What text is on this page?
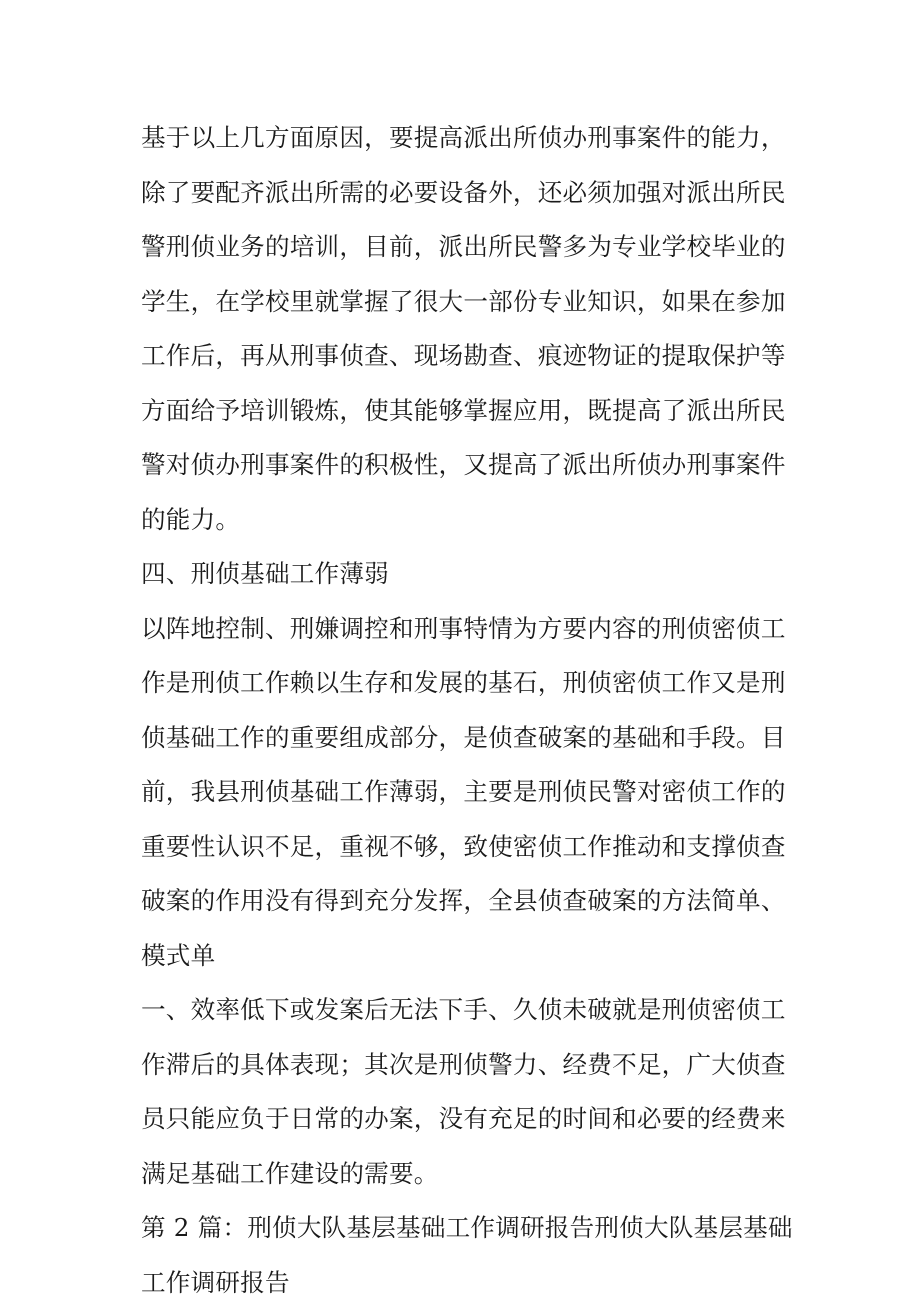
基于以上几方面原因，要提高派出所侦办刑事案件的能力，
除了要配齐派出所需的必要设备外，还必须加强对派出所民
警刑侦业务的培训，目前，派出所民警多为专业学校毕业的
学生，在学校里就掌握了很大一部份专业知识，如果在参加
工作后，再从刑事侦查、现场勘查、痕迹物证的提取保护等
方面给予培训锻炼，使其能够掌握应用，既提高了派出所民
警对侦办刑事案件的积极性，又提高了派出所侦办刑事案件
的能力。
四、刑侦基础工作薄弱
以阵地控制、刑嫌调控和刑事特情为方要内容的刑侦密侦工
作是刑侦工作赖以生存和发展的基石，刑侦密侦工作又是刑
侦基础工作的重要组成部分，是侦查破案的基础和手段。目
前，我县刑侦基础工作薄弱，主要是刑侦民警对密侦工作的
重要性认识不足，重视不够，致使密侦工作推动和支撑侦查
破案的作用没有得到充分发挥，全县侦查破案的方法简单、
模式单
一、效率低下或发案后无法下手、久侦未破就是刑侦密侦工
作滞后的具体表现；其次是刑侦警力、经费不足，广大侦查
员只能应负于日常的办案，没有充足的时间和必要的经费来
满足基础工作建设的需要。
第 2 篇：刑侦大队基层基础工作调研报告刑侦大队基层基础
工作调研报告
